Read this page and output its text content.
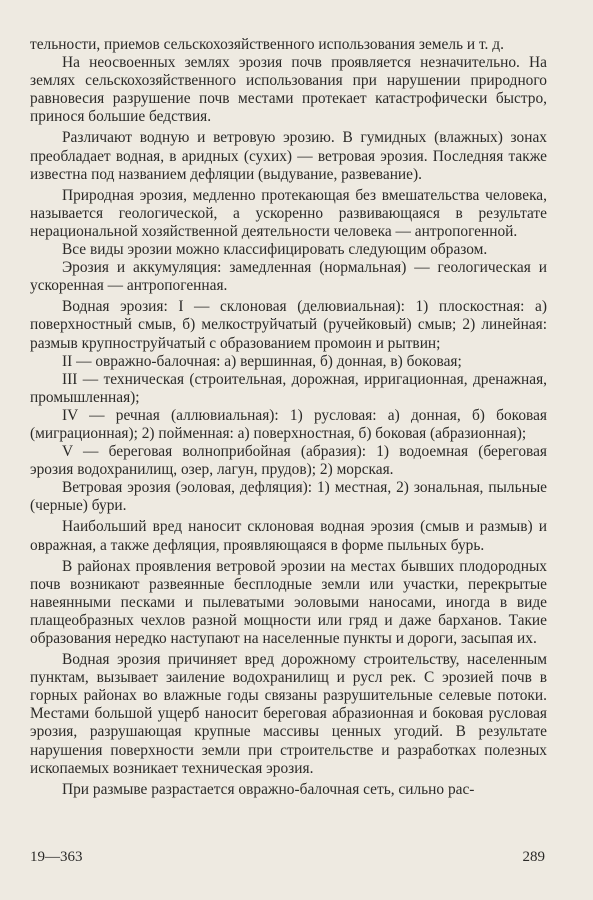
тельности, приемов сельскохозяйственного использования земель и т. д.

На неосвоенных землях эрозия почв проявляется незначительно. На землях сельскохозяйственного использования при нарушении природного равновесия разрушение почв местами протекает катастрофически быстро, принося большие бедствия.

Различают водную и ветровую эрозию. В гумидных (влажных) зонах преобладает водная, в аридных (сухих) — ветровая эрозия. Последняя также известна под названием дефляции (выдувание, развевание).

Природная эрозия, медленно протекающая без вмешательства человека, называется геологической, а ускоренно развивающаяся в результате нерациональной хозяйственной деятельности человека — антропогенной.

Все виды эрозии можно классифицировать следующим образом.

Эрозия и аккумуляция: замедленная (нормальная) — геологическая и ускоренная — антропогенная.

Водная эрозия: I — склоновая (делювиальная): 1) плоскостная: а) поверхностный смыв, б) мелкоструйчатый (ручейковый) смыв; 2) линейная: размыв крупноструйчатый с образованием промоин и рытвин;

II — овражно-балочная: а) вершинная, б) донная, в) боковая;

III — техническая (строительная, дорожная, ирригационная, дренажная, промышленная);

IV — речная (аллювиальная): 1) русловая: а) донная, б) боковая (миграционная); 2) пойменная: а) поверхностная, б) боковая (абразионная);

V — береговая волноприбойная (абразия): 1) водоемная (береговая эрозия водохранилищ, озер, лагун, прудов); 2) морская.

Ветровая эрозия (эоловая, дефляция): 1) местная, 2) зональная, пыльные (черные) бури.

Наибольший вред наносит склоновая водная эрозия (смыв и размыв) и овражная, а также дефляция, проявляющаяся в форме пыльных бурь.

В районах проявления ветровой эрозии на местах бывших плодородных почв возникают развеянные бесплодные земли или участки, перекрытые навеянными песками и пылеватыми эоловыми наносами, иногда в виде плащеобразных чехлов разной мощности или гряд и даже барханов. Такие образования нередко наступают на населенные пункты и дороги, засыпая их.

Водная эрозия причиняет вред дорожному строительству, населенным пунктам, вызывает заиление водохранилищ и русл рек. С эрозией почв в горных районах во влажные годы связаны разрушительные селевые потоки. Местами большой ущерб наносит береговая абразионная и боковая русловая эрозия, разрушающая крупные массивы ценных угодий. В результате нарушения поверхности земли при строительстве и разработках полезных ископаемых возникает техническая эрозия.

При размыве разрастается овражно-балочная сеть, сильно рас-

19—363	289
